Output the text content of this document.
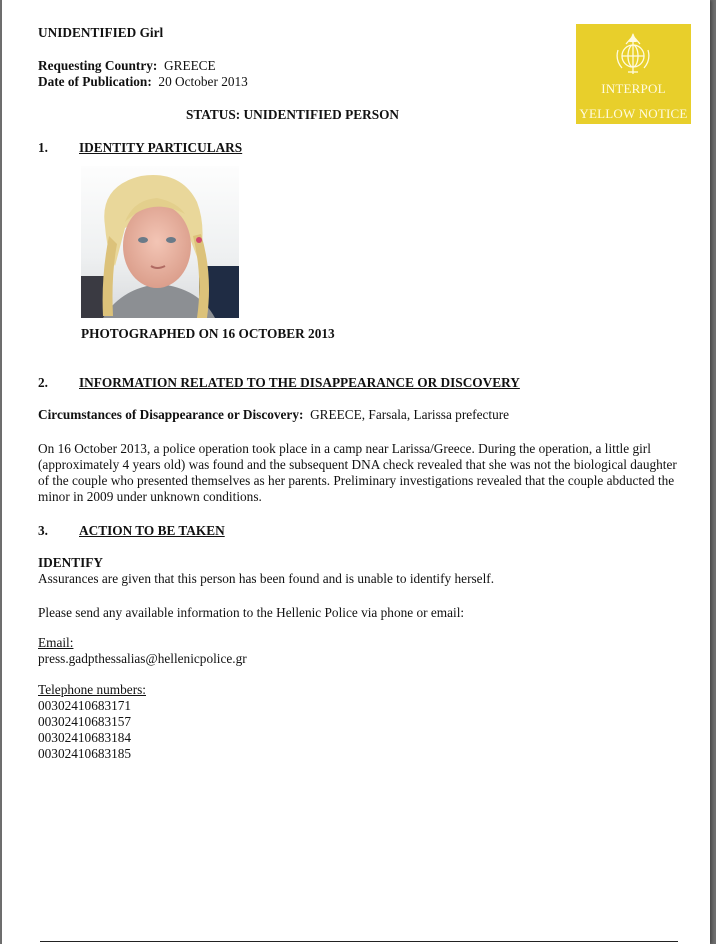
UNIDENTIFIED Girl
Requesting Country: GREECE
Date of Publication: 20 October 2013
STATUS: UNIDENTIFIED PERSON
INTERPOL
YELLOW NOTICE
1. IDENTITY PARTICULARS
PHOTOGRAPHED ON 16 OCTOBER 2013
2. INFORMATION RELATED TO THE DISAPPEARANCE OR DISCOVERY
Circumstances of Disappearance or Discovery: GREECE, Farsala, Larissa prefecture
On 16 October 2013, a police operation took place in a camp near Larissa/Greece. During the operation, a little girl (approximately 4 years old) was found and the subsequent DNA check revealed that she was not the biological daughter of the couple who presented themselves as her parents. Preliminary investigations revealed that the couple abducted the minor in 2009 under unknown conditions.
3. ACTION TO BE TAKEN
IDENTIFY
Assurances are given that this person has been found and is unable to identify herself.
Please send any available information to the Hellenic Police via phone or email:
Email:
press.gadpthessalias@hellenicpolice.gr
Telephone numbers:
00302410683171
00302410683157
00302410683184
00302410683185
